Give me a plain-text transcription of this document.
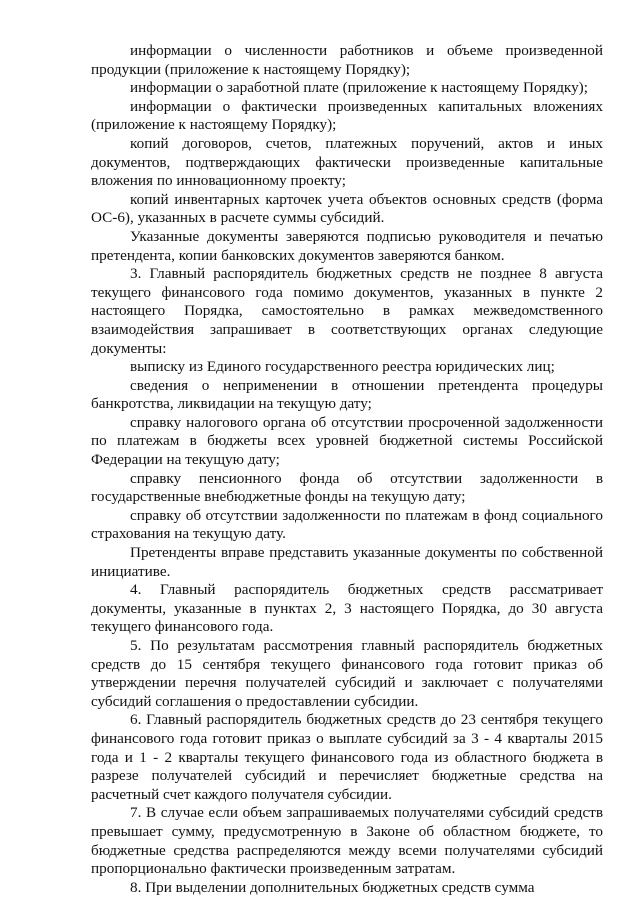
информации о численности работников и объеме произведенной продукции (приложение к настоящему Порядку);

информации о заработной плате (приложение к настоящему Порядку);

информации о фактически произведенных капитальных вложениях (приложение к настоящему Порядку);

копий договоров, счетов, платежных поручений, актов и иных документов, подтверждающих фактически произведенные капитальные вложения по инновационному проекту;

копий инвентарных карточек учета объектов основных средств (форма ОС-6), указанных в расчете суммы субсидий.

Указанные документы заверяются подписью руководителя и печатью претендента, копии банковских документов заверяются банком.

3. Главный распорядитель бюджетных средств не позднее 8 августа текущего финансового года помимо документов, указанных в пункте 2 настоящего Порядка, самостоятельно в рамках межведомственного взаимодействия запрашивает в соответствующих органах следующие документы:

выписку из Единого государственного реестра юридических лиц;

сведения о неприменении в отношении претендента процедуры банкротства, ликвидации на текущую дату;

справку налогового органа об отсутствии просроченной задолженности по платежам в бюджеты всех уровней бюджетной системы Российской Федерации на текущую дату;

справку пенсионного фонда об отсутствии задолженности в государственные внебюджетные фонды на текущую дату;

справку об отсутствии задолженности по платежам в фонд социального страхования на текущую дату.

Претенденты вправе представить указанные документы по собственной инициативе.

4. Главный распорядитель бюджетных средств рассматривает документы, указанные в пунктах 2, 3 настоящего Порядка, до 30 августа текущего финансового года.

5. По результатам рассмотрения главный распорядитель бюджетных средств до 15 сентября текущего финансового года готовит приказ об утверждении перечня получателей субсидий и заключает с получателями субсидий соглашения о предоставлении субсидии.

6. Главный распорядитель бюджетных средств до 23 сентября текущего финансового года готовит приказ о выплате субсидий за 3 - 4 кварталы 2015 года и 1 - 2 кварталы текущего финансового года из областного бюджета в разрезе получателей субсидий и перечисляет бюджетные средства на расчетный счет каждого получателя субсидии.

7. В случае если объем запрашиваемых получателями субсидий средств превышает сумму, предусмотренную в Законе об областном бюджете, то бюджетные средства распределяются между всеми получателями субсидий пропорционально фактически произведенным затратам.

8. При выделении дополнительных бюджетных средств сумма
